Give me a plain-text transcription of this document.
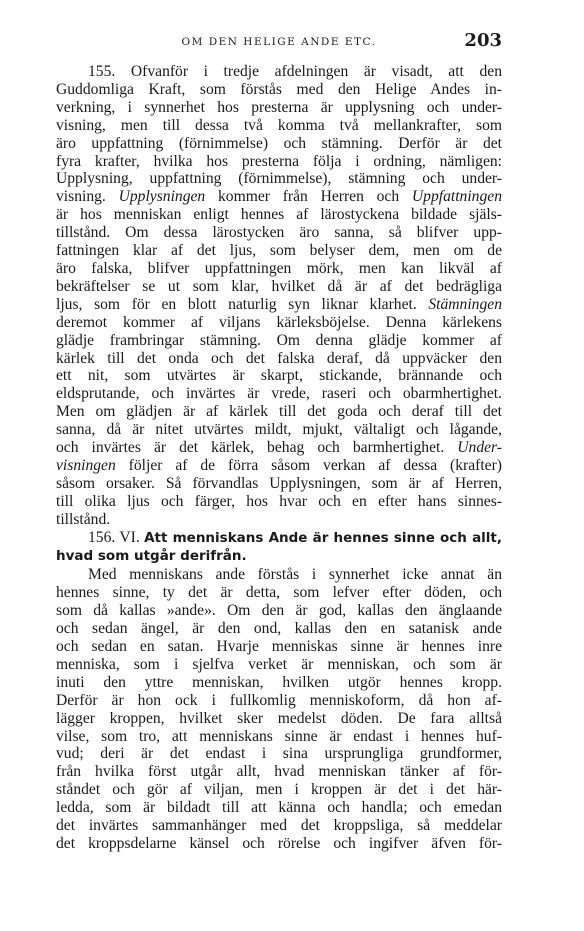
OM DEN HELIGE ANDE ETC.	203
155. Ofvanför i tredje afdelningen är visadt, att den
Guddomliga Kraft, som förstås med den Helige Andes in-
verkning, i synnerhet hos presterna är upplysning och under-
visning, men till dessa två komma två mellankrafter, som
äro uppfattning (förnimmelse) och stämning. Derför är det
fyra krafter, hvilka hos presterna följa i ordning, nämligen:
Upplysning, uppfattning (förnimmelse), stämning och under-
visning. Upplysningen kommer från Herren och Uppfattningen
är hos menniskan enligt hennes af lärostyckena bildade själs-
tillstånd. Om dessa lärostycken äro sanna, så blifver upp-
fattningen klar af det ljus, som belyser dem, men om de
äro falska, blifver uppfattningen mörk, men kan likväl af
bekräftelser se ut som klar, hvilket då är af det bedrägliga
ljus, som för en blott naturlig syn liknar klarhet. Stämningen
deremot kommer af viljans kärleksböjelse. Denna kärlekens
glädje frambringar stämning. Om denna glädje kommer af
kärlek till det onda och det falska deraf, då uppväcker den
ett nit, som utvärtes är skarpt, stickande, brännande och
eldsprutande, och invärtes är vrede, raseri och obarmhertighet.
Men om glädjen är af kärlek till det goda och deraf till det
sanna, då är nitet utvärtes mildt, mjukt, vältaligt och lågande,
och invärtes är det kärlek, behag och barmhertighet. Under-
visningen följer af de förra såsom verkan af dessa (krafter)
såsom orsaker. Så förvandlas Upplysningen, som är af Herren,
till olika ljus och färger, hos hvar och en efter hans sinnes-
tillstånd.
156. VI. Att menniskans Ande är hennes sinne och allt,
hvad som utgår derifrån.
Med menniskans ande förstås i synnerhet icke annat än
hennes sinne, ty det är detta, som lefver efter döden, och
som då kallas »ande». Om den är god, kallas den änglaande
och sedan ängel, är den ond, kallas den en satanisk ande
och sedan en satan. Hvarje menniskas sinne är hennes inre
menniska, som i sjelfva verket är menniskan, och som är
inuti den yttre menniskan, hvilken utgör hennes kropp.
Derför är hon ock i fullkomlig menniskoform, då hon af-
lägger kroppen, hvilket sker medelst döden. De fara alltså
vilse, som tro, att menniskans sinne är endast i hennes huf-
vud; deri är det endast i sina ursprungliga grundformer,
från hvilka först utgår allt, hvad menniskan tänker af för-
ståndet och gör af viljan, men i kroppen är det i det här-
ledda, som är bildadt till att känna och handla; och emedan
det invärtes sammanhänger med det kroppsliga, så meddelar
det kroppsdelarne känsel och rörelse och ingifver äfven för-
